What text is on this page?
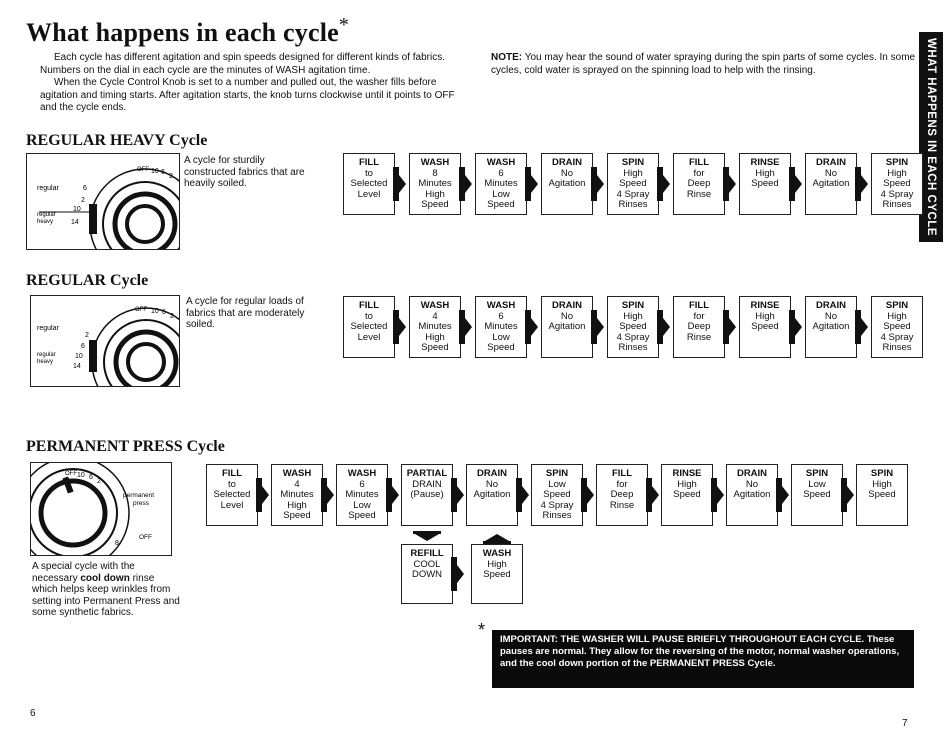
What happens in each cycle*

Each cycle has different agitation and spin speeds designed for different kinds of fabrics. Numbers on the dial in each cycle are the minutes of WASH agitation time.

When the Cycle Control Knob is set to a number and pulled out, the washer fills before agitation and timing starts. After agitation starts, the knob turns clockwise until it points to OFF and the cycle ends.

NOTE: You may hear the sound of water spraying during the spin parts of some cycles. In some cycles, cold water is sprayed on the spinning load to help with the rinsing.	WHAT HAPPENS IN EACH CYCLE
REGULAR HEAVY Cycle
regular
regular
heavy
OFF 10 6
2
6
2
10
14
A cycle for sturdily constructed fabrics that are heavily soiled.
FILL
to
Selected
Level
WASH
8
Minutes
High
Speed
WASH
6
Minutes
Low
Speed
DRAIN
No
Agitation
SPIN
High
Speed
4 Spray
Rinses
FILL
for
Deep
Rinse
RINSE
High
Speed
DRAIN
No
Agitation
SPIN
High
Speed
4 Spray
Rinses
REGULAR Cycle
regular
regular
heavy
OFF 10 6
2
2
6
10
14
A cycle for regular loads of fabrics that are moderately soiled.
FILL
to
Selected
Level
WASH
4
Minutes
High
Speed
WASH
6
Minutes
Low
Speed
DRAIN
No
Agitation
SPIN
High
Speed
4 Spray
Rinses
FILL
for
Deep
Rinse
RINSE
High
Speed
DRAIN
No
Agitation
SPIN
High
Speed
4 Spray
Rinses
PERMANENT PRESS Cycle
OFF 10 6
2
permanent
press
OFF
8
A special cycle with the necessary cool down rinse which helps keep wrinkles from setting into Permanent Press and some synthetic fabrics.
FILL
to
Selected
Level
WASH
4
Minutes
High
Speed
WASH
6
Minutes
Low
Speed
PARTIAL
DRAIN
(Pause)
DRAIN
No
Agitation
SPIN
Low
Speed
4 Spray
Rinses
FILL
for
Deep
Rinse
RINSE
High
Speed
DRAIN
No
Agitation
SPIN
Low
Speed
SPIN
High
Speed
REFILL
COOL
DOWN
WASH
High
Speed
*	IMPORTANT: THE WASHER WILL PAUSE BRIEFLY THROUGHOUT EACH CYCLE. These pauses are normal. They allow for the reversing of the motor, normal washer operations, and the cool down portion of the PERMANENT PRESS Cycle.
6
7
